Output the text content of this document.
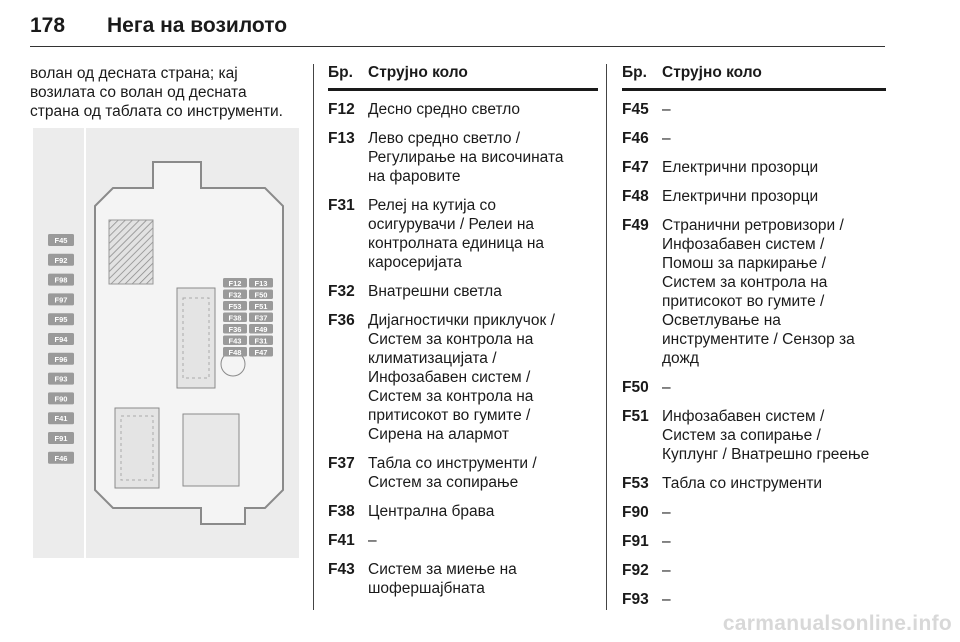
178 Нега на возилото
волан од десната страна; кај
возилата со волан од десната
страна од таблата со инструменти.
F45
F92
F98
F97
F95
F94
F96
F93
F90
F41
F91
F46
F12 F13
F32 F50
F53 F51
F38 F37
F36 F49
F43 F31
F48 F47
Бр. Струјно коло
F12 Десно средно светло
F13 Лево средно светло /
Регулирање на височината
на фаровите
F31 Релеј на кутија со
осигурувачи / Релеи на
контролната единица на
каросеријата
F32 Внатрешни светла
F36 Дијагностички приклучок /
Систем за контрола на
климатизацијата /
Инфозабавен систем /
Систем за контрола на
притисокот во гумите /
Сирена на алармот
F37 Табла со инструменти /
Систем за сопирање
F38 Централна брава
F41 –
F43 Систем за миење на
шофершајбната
Бр. Струјно коло
F45 –
F46 –
F47 Електрични прозорци
F48 Електрични прозорци
F49 Странични ретровизори /
Инфозабавен систем /
Помош за паркирање /
Систем за контрола на
притисокот во гумите /
Осветлување на
инструментите / Сензор за
дожд
F50 –
F51 Инфозабавен систем /
Систем за сопирање /
Куплунг / Внатрешно греење
F53 Табла со инструменти
F90 –
F91 –
F92 –
F93 –
carmanualsonline.info
